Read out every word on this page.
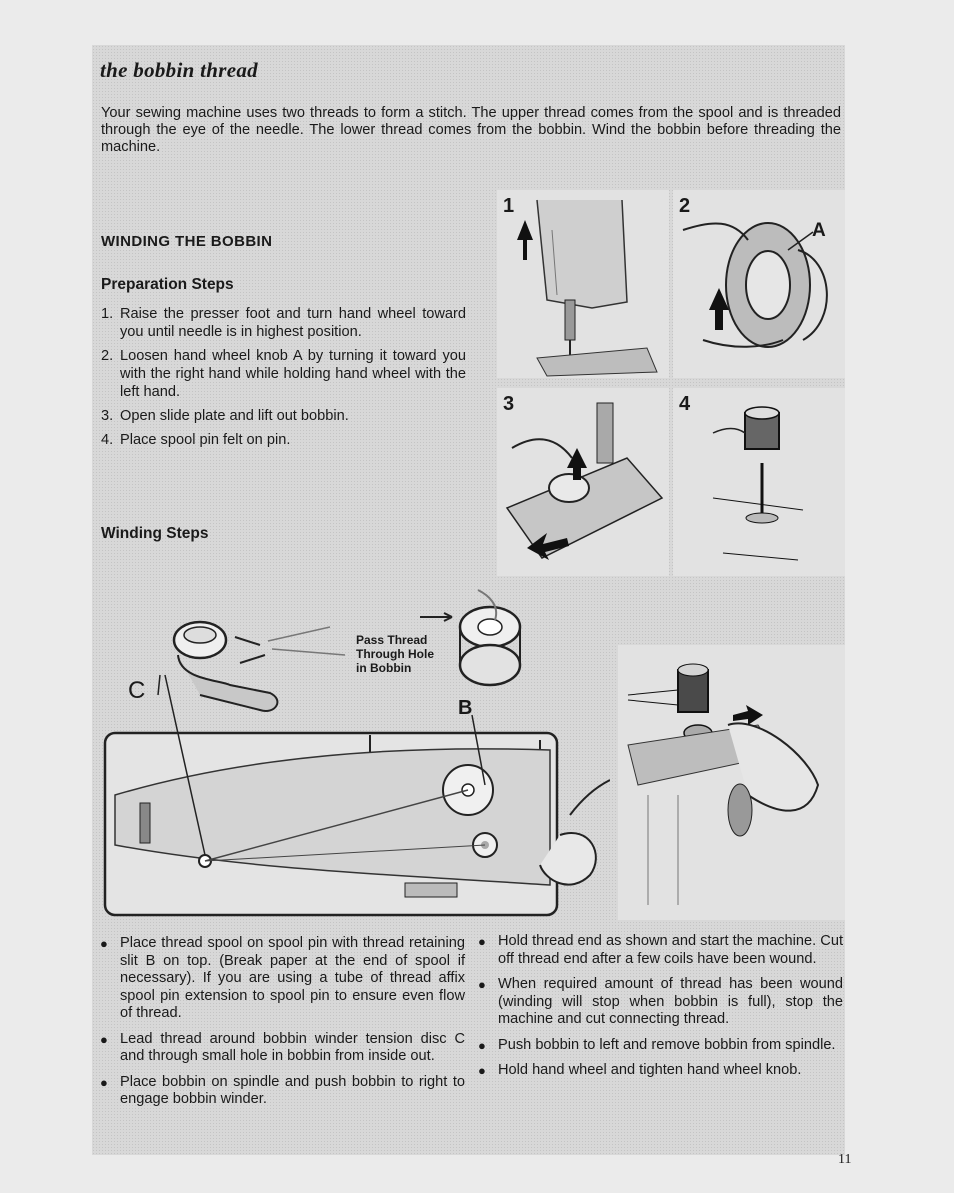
the bobbin thread
Your sewing machine uses two threads to form a stitch. The upper thread comes from the spool and is threaded through the eye of the needle. The lower thread comes from the bobbin. Wind the bobbin before threading the machine.
WINDING THE BOBBIN
Preparation Steps
1. Raise the presser foot and turn hand wheel toward you until needle is in highest position.
2. Loosen hand wheel knob A by turning it toward you with the right hand while holding hand wheel with the left hand.
3. Open slide plate and lift out bobbin.
4. Place spool pin felt on pin.
Winding Steps
1	2
A
3	4
C
B
Pass Thread
Through Hole
in Bobbin
● Place thread spool on spool pin with thread retaining slit B on top. (Break paper at the end of spool if necessary). If you are using a tube of thread affix spool pin extension to spool pin to ensure even flow of thread.
● Lead thread around bobbin winder tension disc C and through small hole in bobbin from inside out.
● Place bobbin on spindle and push bobbin to right to engage bobbin winder.
● Hold thread end as shown and start the machine. Cut off thread end after a few coils have been wound.
● When required amount of thread has been wound (winding will stop when bobbin is full), stop the machine and cut connecting thread.
● Push bobbin to left and remove bobbin from spindle.
● Hold hand wheel and tighten hand wheel knob.
11
